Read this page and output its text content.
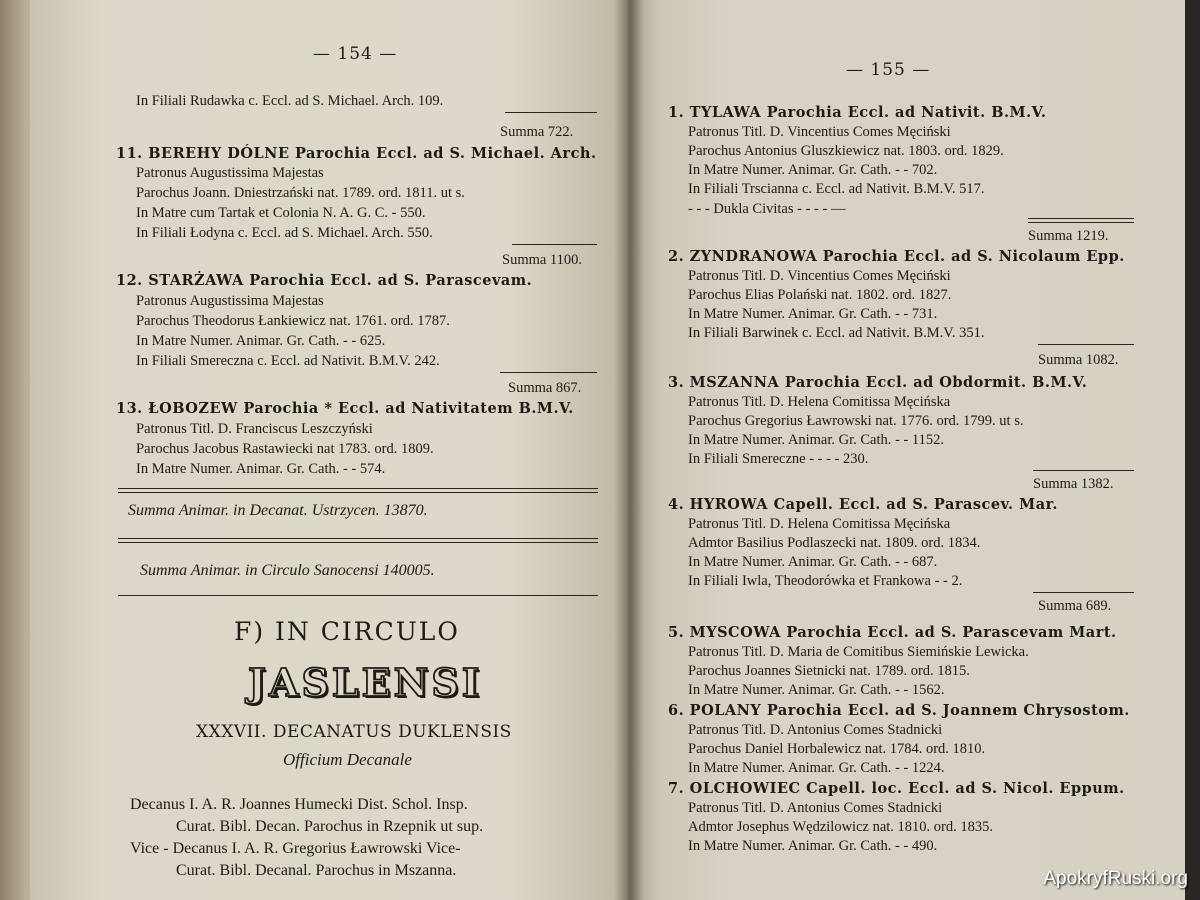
— 154 —
In Filiali Rudawka c. Eccl. ad S. Michael. Arch. 109.
Summa 722.
11. BEREHY DÓLNE Parochia Eccl. ad S. Michael. Arch.
Patronus Augustissima Majestas
Parochus Joann. Dniestrzański nat. 1789. ord. 1811. ut s.
In Matre cum Tartak et Colonia N. A. G. C. - 550.
In Filiali Łodyna c. Eccl. ad S. Michael. Arch. 550.
Summa 1100.
12. STARŻAWA Parochia Eccl. ad S. Parascevam.
Patronus Augustissima Majestas
Parochus Theodorus Łankiewicz nat. 1761. ord. 1787.
In Matre Numer. Animar. Gr. Cath. - - 625.
In Filiali Smereczna c. Eccl. ad Nativit. B.M.V. 242.
Summa 867.
13. ŁOBOZEW Parochia * Eccl. ad Nativitatem B.M.V.
Patronus Titl. D. Franciscus Leszczyński
Parochus Jacobus Rastawiecki nat 1783. ord. 1809.
In Matre Numer. Animar. Gr. Cath. - - 574.
Summa Animar. in Decanat. Ustrzycen. 13870.
Summa Animar. in Circulo Sanocensi 140005.
F) IN CIRCULO
JASLENSI
XXXVII. DECANATUS DUKLENSIS
Officium Decanale
Decanus I. A. R. Joannes Humecki Dist. Schol. Insp.
Curat. Bibl. Decan. Parochus in Rzepnik ut sup.
Vice - Decanus I. A. R. Gregorius Ławrowski Vice-
Curat. Bibl. Decanal. Parochus in Mszanna.
— 155 —
1. TYLAWA Parochia Eccl. ad Nativit. B.M.V.
Patronus Titl. D. Vincentius Comes Męciński
Parochus Antonius Gluszkiewicz nat. 1803. ord. 1829.
In Matre Numer. Animar. Gr. Cath. - - 702.
In Filiali Trscianna c. Eccl. ad Nativit. B.M.V. 517.
- - - Dukla Civitas - - - - —
Summa 1219.
2. ZYNDRANOWA Parochia Eccl. ad S. Nicolaum Epp.
Patronus Titl. D. Vincentius Comes Męciński
Parochus Elias Polański nat. 1802. ord. 1827.
In Matre Numer. Animar. Gr. Cath. - - 731.
In Filiali Barwinek c. Eccl. ad Nativit. B.M.V. 351.
Summa 1082.
3. MSZANNA Parochia Eccl. ad Obdormit. B.M.V.
Patronus Titl. D. Helena Comitissa Męcińska
Parochus Gregorius Ławrowski nat. 1776. ord. 1799. ut s.
In Matre Numer. Animar. Gr. Cath. - - 1152.
In Filiali Smereczne - - - - 230.
Summa 1382.
4. HYROWA Capell. Eccl. ad S. Parascev. Mar.
Patronus Titl. D. Helena Comitissa Męcińska
Admtor Basilius Podlaszecki nat. 1809. ord. 1834.
In Matre Numer. Animar. Gr. Cath. - - 687.
In Filiali Iwla, Theodorówka et Frankowa - - 2.
Summa 689.
5. MYSCOWA Parochia Eccl. ad S. Parascevam Mart.
Patronus Titl. D. Maria de Comitibus Siemińskie Lewicka.
Parochus Joannes Sietnicki nat. 1789. ord. 1815.
In Matre Numer. Animar. Gr. Cath. - - 1562.
6. POLANY Parochia Eccl. ad S. Joannem Chrysostom.
Patronus Titl. D. Antonius Comes Stadnicki
Parochus Daniel Horbalewicz nat. 1784. ord. 1810.
In Matre Numer. Animar. Gr. Cath. - - 1224.
7. OLCHOWIEC Capell. loc. Eccl. ad S. Nicol. Eppum.
Patronus Titl. D. Antonius Comes Stadnicki
Admtor Josephus Wędzilowicz nat. 1810. ord. 1835.
In Matre Numer. Animar. Gr. Cath. - - 490.
ApokryfRuski.org
